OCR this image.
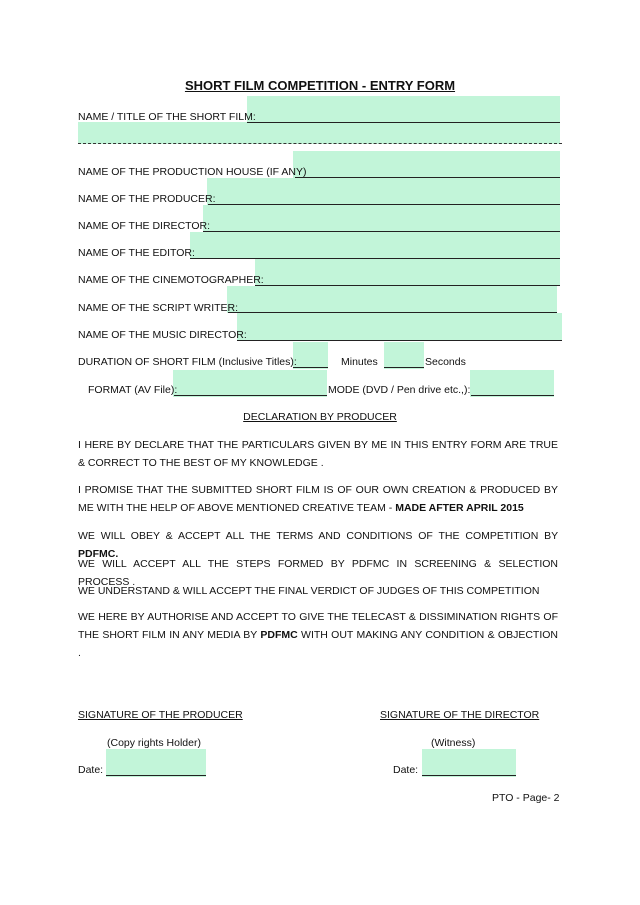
SHORT FILM COMPETITION - ENTRY FORM
NAME / TITLE OF THE SHORT FILM:
NAME OF THE PRODUCTION HOUSE (IF ANY)
NAME OF THE PRODUCER:
NAME OF THE DIRECTOR:
NAME OF THE EDITOR:
NAME OF THE CINEMOTOGRAPHER:
NAME OF THE SCRIPT WRITER:
NAME OF THE MUSIC DIRECTOR:
DURATION OF SHORT FILM (Inclusive Titles):	Minutes	Seconds
FORMAT (AV File):	MODE (DVD / Pen drive etc.,):
DECLARATION BY PRODUCER
I HERE BY DECLARE THAT THE PARTICULARS GIVEN BY ME IN THIS ENTRY FORM ARE TRUE & CORRECT TO THE BEST OF MY KNOWLEDGE .
I PROMISE THAT THE SUBMITTED SHORT FILM IS OF OUR OWN CREATION & PRODUCED BY ME WITH THE HELP OF ABOVE MENTIONED CREATIVE TEAM - MADE AFTER APRIL 2015
WE WILL OBEY & ACCEPT ALL THE TERMS AND CONDITIONS OF THE COMPETITION BY PDFMC.
WE WILL ACCEPT ALL THE STEPS FORMED BY PDFMC IN SCREENING & SELECTION PROCESS .
WE UNDERSTAND & WILL ACCEPT THE FINAL VERDICT OF JUDGES OF THIS COMPETITION
WE HERE BY AUTHORISE AND ACCEPT TO GIVE THE TELECAST & DISSIMINATION RIGHTS OF THE SHORT FILM IN ANY MEDIA BY PDFMC WITH OUT MAKING ANY CONDITION & OBJECTION .
SIGNATURE OF THE PRODUCER
(Copy rights Holder)
Date:
SIGNATURE OF THE DIRECTOR
(Witness)
Date:
PTO - Page- 2
